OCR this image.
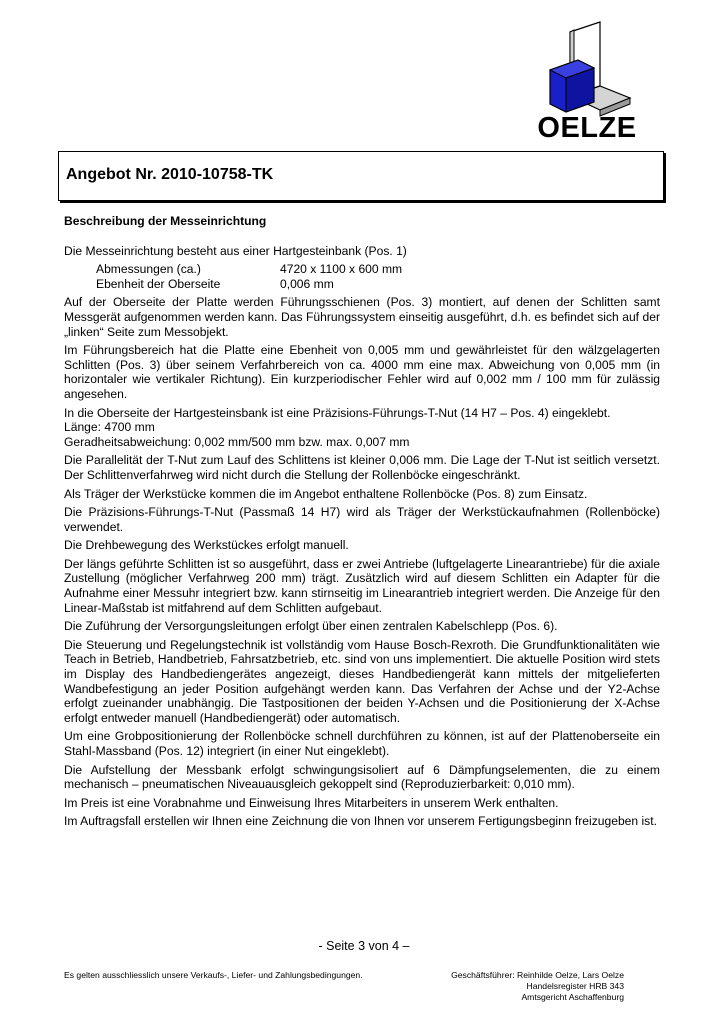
OELZE
Angebot Nr. 2010-10758-TK
Beschreibung der Messeinrichtung

Die Messeinrichtung besteht aus einer Hartgesteinbank (Pos. 1)

Abmessungen (ca.)	4720 x 1100 x 600 mm
Ebenheit der Oberseite	0,006 mm

Auf der Oberseite der Platte werden Führungsschienen (Pos. 3) montiert, auf denen der Schlitten samt Messgerät aufgenommen werden kann. Das Führungssystem einseitig ausgeführt, d.h. es befindet sich auf der „linken“ Seite zum Messobjekt.

Im Führungsbereich hat die Platte eine Ebenheit von 0,005 mm und gewährleistet für den wälzgelagerten Schlitten (Pos. 3) über seinem Verfahrbereich von ca. 4000 mm eine max. Abweichung von 0,005 mm (in horizontaler wie vertikaler Richtung). Ein kurzperiodischer Fehler wird auf 0,002 mm / 100 mm für zulässig angesehen.

In die Oberseite der Hartgesteinsbank ist eine Präzisions-Führungs-T-Nut (14 H7 – Pos. 4) eingeklebt.
Länge: 4700 mm
Geradheitsabweichung: 0,002 mm/500 mm bzw. max. 0,007 mm

Die Parallelität der T-Nut zum Lauf des Schlittens ist kleiner 0,006 mm. Die Lage der T-Nut ist seitlich versetzt. Der Schlittenverfahrweg wird nicht durch die Stellung der Rollenböcke eingeschränkt.

Als Träger der Werkstücke kommen die im Angebot enthaltene Rollenböcke (Pos. 8) zum Einsatz.

Die Präzisions-Führungs-T-Nut (Passmaß 14 H7) wird als Träger der Werkstückaufnahmen (Rollenböcke) verwendet.

Die Drehbewegung des Werkstückes erfolgt manuell.

Der längs geführte Schlitten ist so ausgeführt, dass er zwei Antriebe (luftgelagerte Linearantriebe) für die axiale Zustellung (möglicher Verfahrweg 200 mm) trägt. Zusätzlich wird auf diesem Schlitten ein Adapter für die Aufnahme einer Messuhr integriert bzw. kann stirnseitig im Linearantrieb integriert werden. Die Anzeige für den Linear-Maßstab ist mitfahrend auf dem Schlitten aufgebaut.

Die Zuführung der Versorgungsleitungen erfolgt über einen zentralen Kabelschlepp (Pos. 6).

Die Steuerung und Regelungstechnik ist vollständig vom Hause Bosch-Rexroth. Die Grundfunktionalitäten wie Teach in Betrieb, Handbetrieb, Fahrsatzbetrieb, etc. sind von uns implementiert. Die aktuelle Position wird stets im Display des Handbediengerätes angezeigt, dieses Handbediengerät kann mittels der mitgelieferten Wandbefestigung an jeder Position aufgehängt werden kann. Das Verfahren der Achse und der Y2-Achse erfolgt zueinander unabhängig. Die Tastpositionen der beiden Y-Achsen und die Positionierung der X-Achse erfolgt entweder manuell (Handbediengerät) oder automatisch.

Um eine Grobpositionierung der Rollenböcke schnell durchführen zu können, ist auf der Plattenoberseite ein Stahl-Massband (Pos. 12) integriert (in einer Nut eingeklebt).

Die Aufstellung der Messbank erfolgt schwingungsisoliert auf 6 Dämpfungselementen, die zu einem mechanisch – pneumatischen Niveauausgleich gekoppelt sind (Reproduzierbarkeit: 0,010 mm).

Im Preis ist eine Vorabnahme und Einweisung Ihres Mitarbeiters in unserem Werk enthalten.

Im Auftragsfall erstellen wir Ihnen eine Zeichnung die von Ihnen vor unserem Fertigungsbeginn freizugeben ist.

- Seite 3 von 4 –
Es gelten ausschliesslich unsere Verkaufs-, Liefer- und Zahlungsbedingungen.	Geschäftsführer: Reinhilde Oelze, Lars Oelze
Handelsregister HRB 343
Amtsgericht Aschaffenburg
